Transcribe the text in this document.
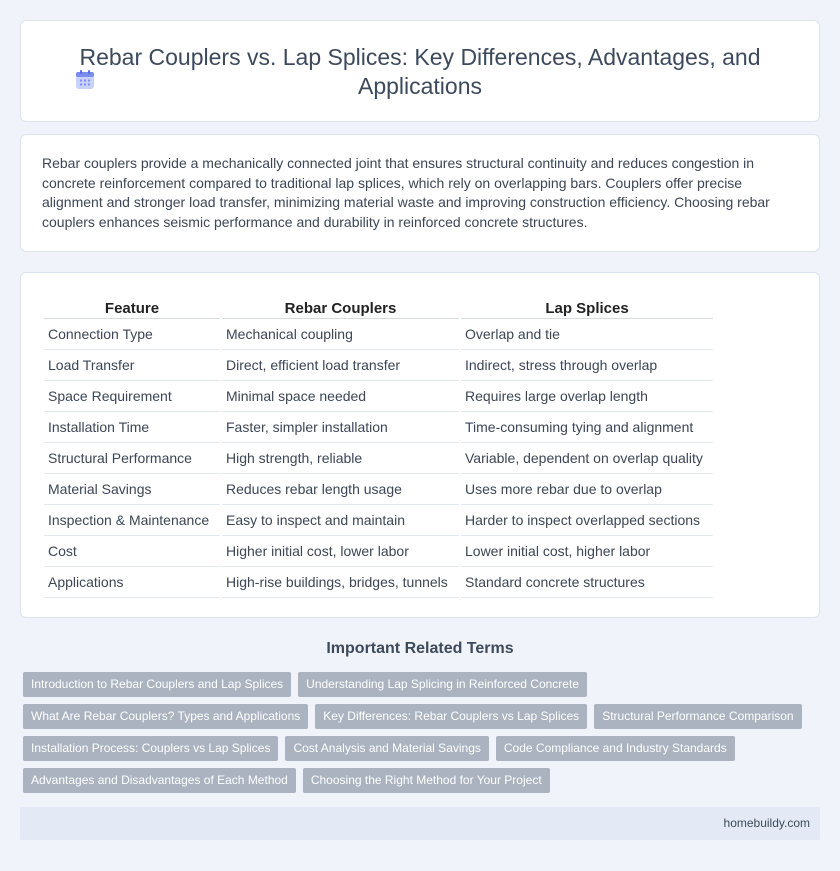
Rebar Couplers vs. Lap Splices: Key Differences, Advantages, and Applications

Rebar couplers provide a mechanically connected joint that ensures structural continuity and reduces congestion in concrete reinforcement compared to traditional lap splices, which rely on overlapping bars. Couplers offer precise alignment and stronger load transfer, minimizing material waste and improving construction efficiency. Choosing rebar couplers enhances seismic performance and durability in reinforced concrete structures.

Feature	Rebar Couplers	Lap Splices
Connection Type	Mechanical coupling	Overlap and tie
Load Transfer	Direct, efficient load transfer	Indirect, stress through overlap
Space Requirement	Minimal space needed	Requires large overlap length
Installation Time	Faster, simpler installation	Time-consuming tying and alignment
Structural Performance	High strength, reliable	Variable, dependent on overlap quality
Material Savings	Reduces rebar length usage	Uses more rebar due to overlap
Inspection & Maintenance	Easy to inspect and maintain	Harder to inspect overlapped sections
Cost	Higher initial cost, lower labor	Lower initial cost, higher labor
Applications	High-rise buildings, bridges, tunnels	Standard concrete structures
Important Related Terms
Introduction to Rebar Couplers and Lap Splices	Understanding Lap Splicing in Reinforced Concrete
What Are Rebar Couplers? Types and Applications	Key Differences: Rebar Couplers vs Lap Splices	Structural Performance Comparison
Installation Process: Couplers vs Lap Splices	Cost Analysis and Material Savings	Code Compliance and Industry Standards
Advantages and Disadvantages of Each Method	Choosing the Right Method for Your Project
homebuildy.com
